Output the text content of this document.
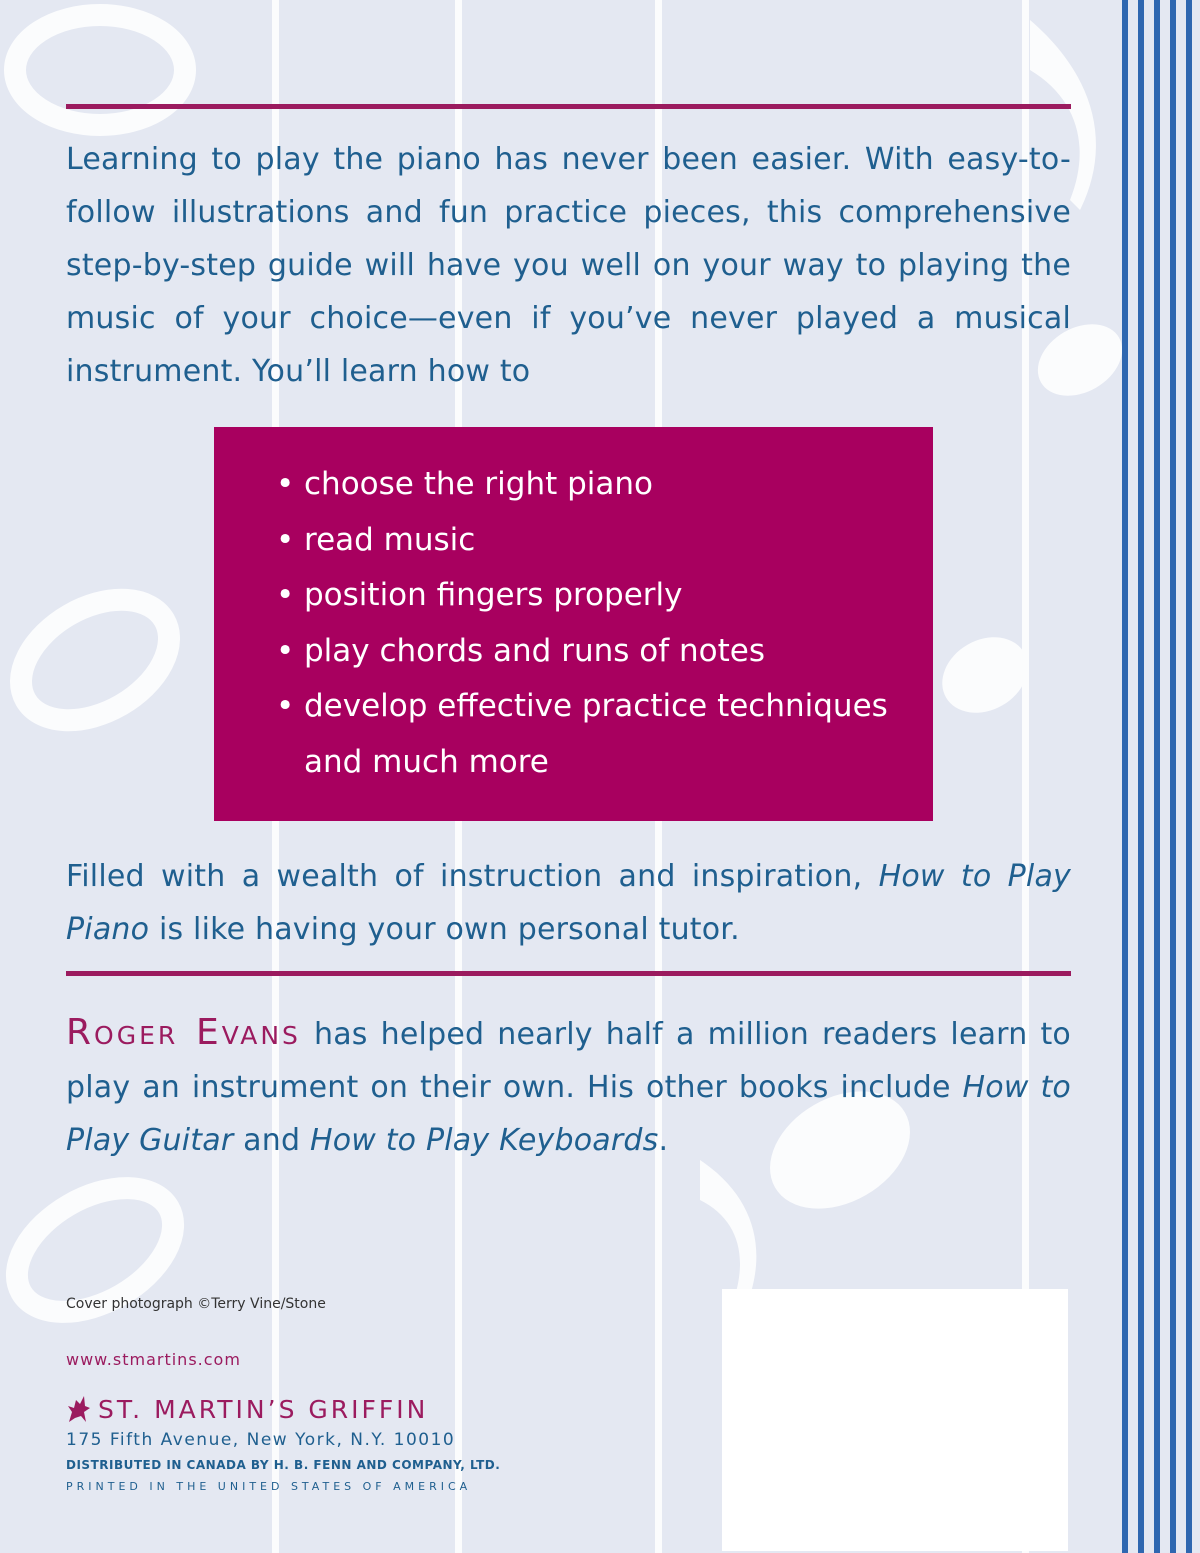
Learning to play the piano has never been easier. With easy-to-follow illustrations and fun practice pieces, this comprehensive step-by-step guide will have you well on your way to playing the music of your choice—even if you’ve never played a musical instrument. You’ll learn how to

• choose the right piano
• read music
• position fingers properly
• play chords and runs of notes
• develop effective practice techniques
and much more

Filled with a wealth of instruction and inspiration, How to Play Piano is like having your own personal tutor.

Roger Evans has helped nearly half a million readers learn to play an instrument on their own. His other books include How to Play Guitar and How to Play Keyboards.

Cover photograph ©Terry Vine/Stone
www.stmartins.com
ST. MARTIN’S GRIFFIN
175 Fifth Avenue, New York, N.Y. 10010
DISTRIBUTED IN CANADA BY H. B. FENN AND COMPANY, LTD.
PRINTED IN THE UNITED STATES OF AMERICA
